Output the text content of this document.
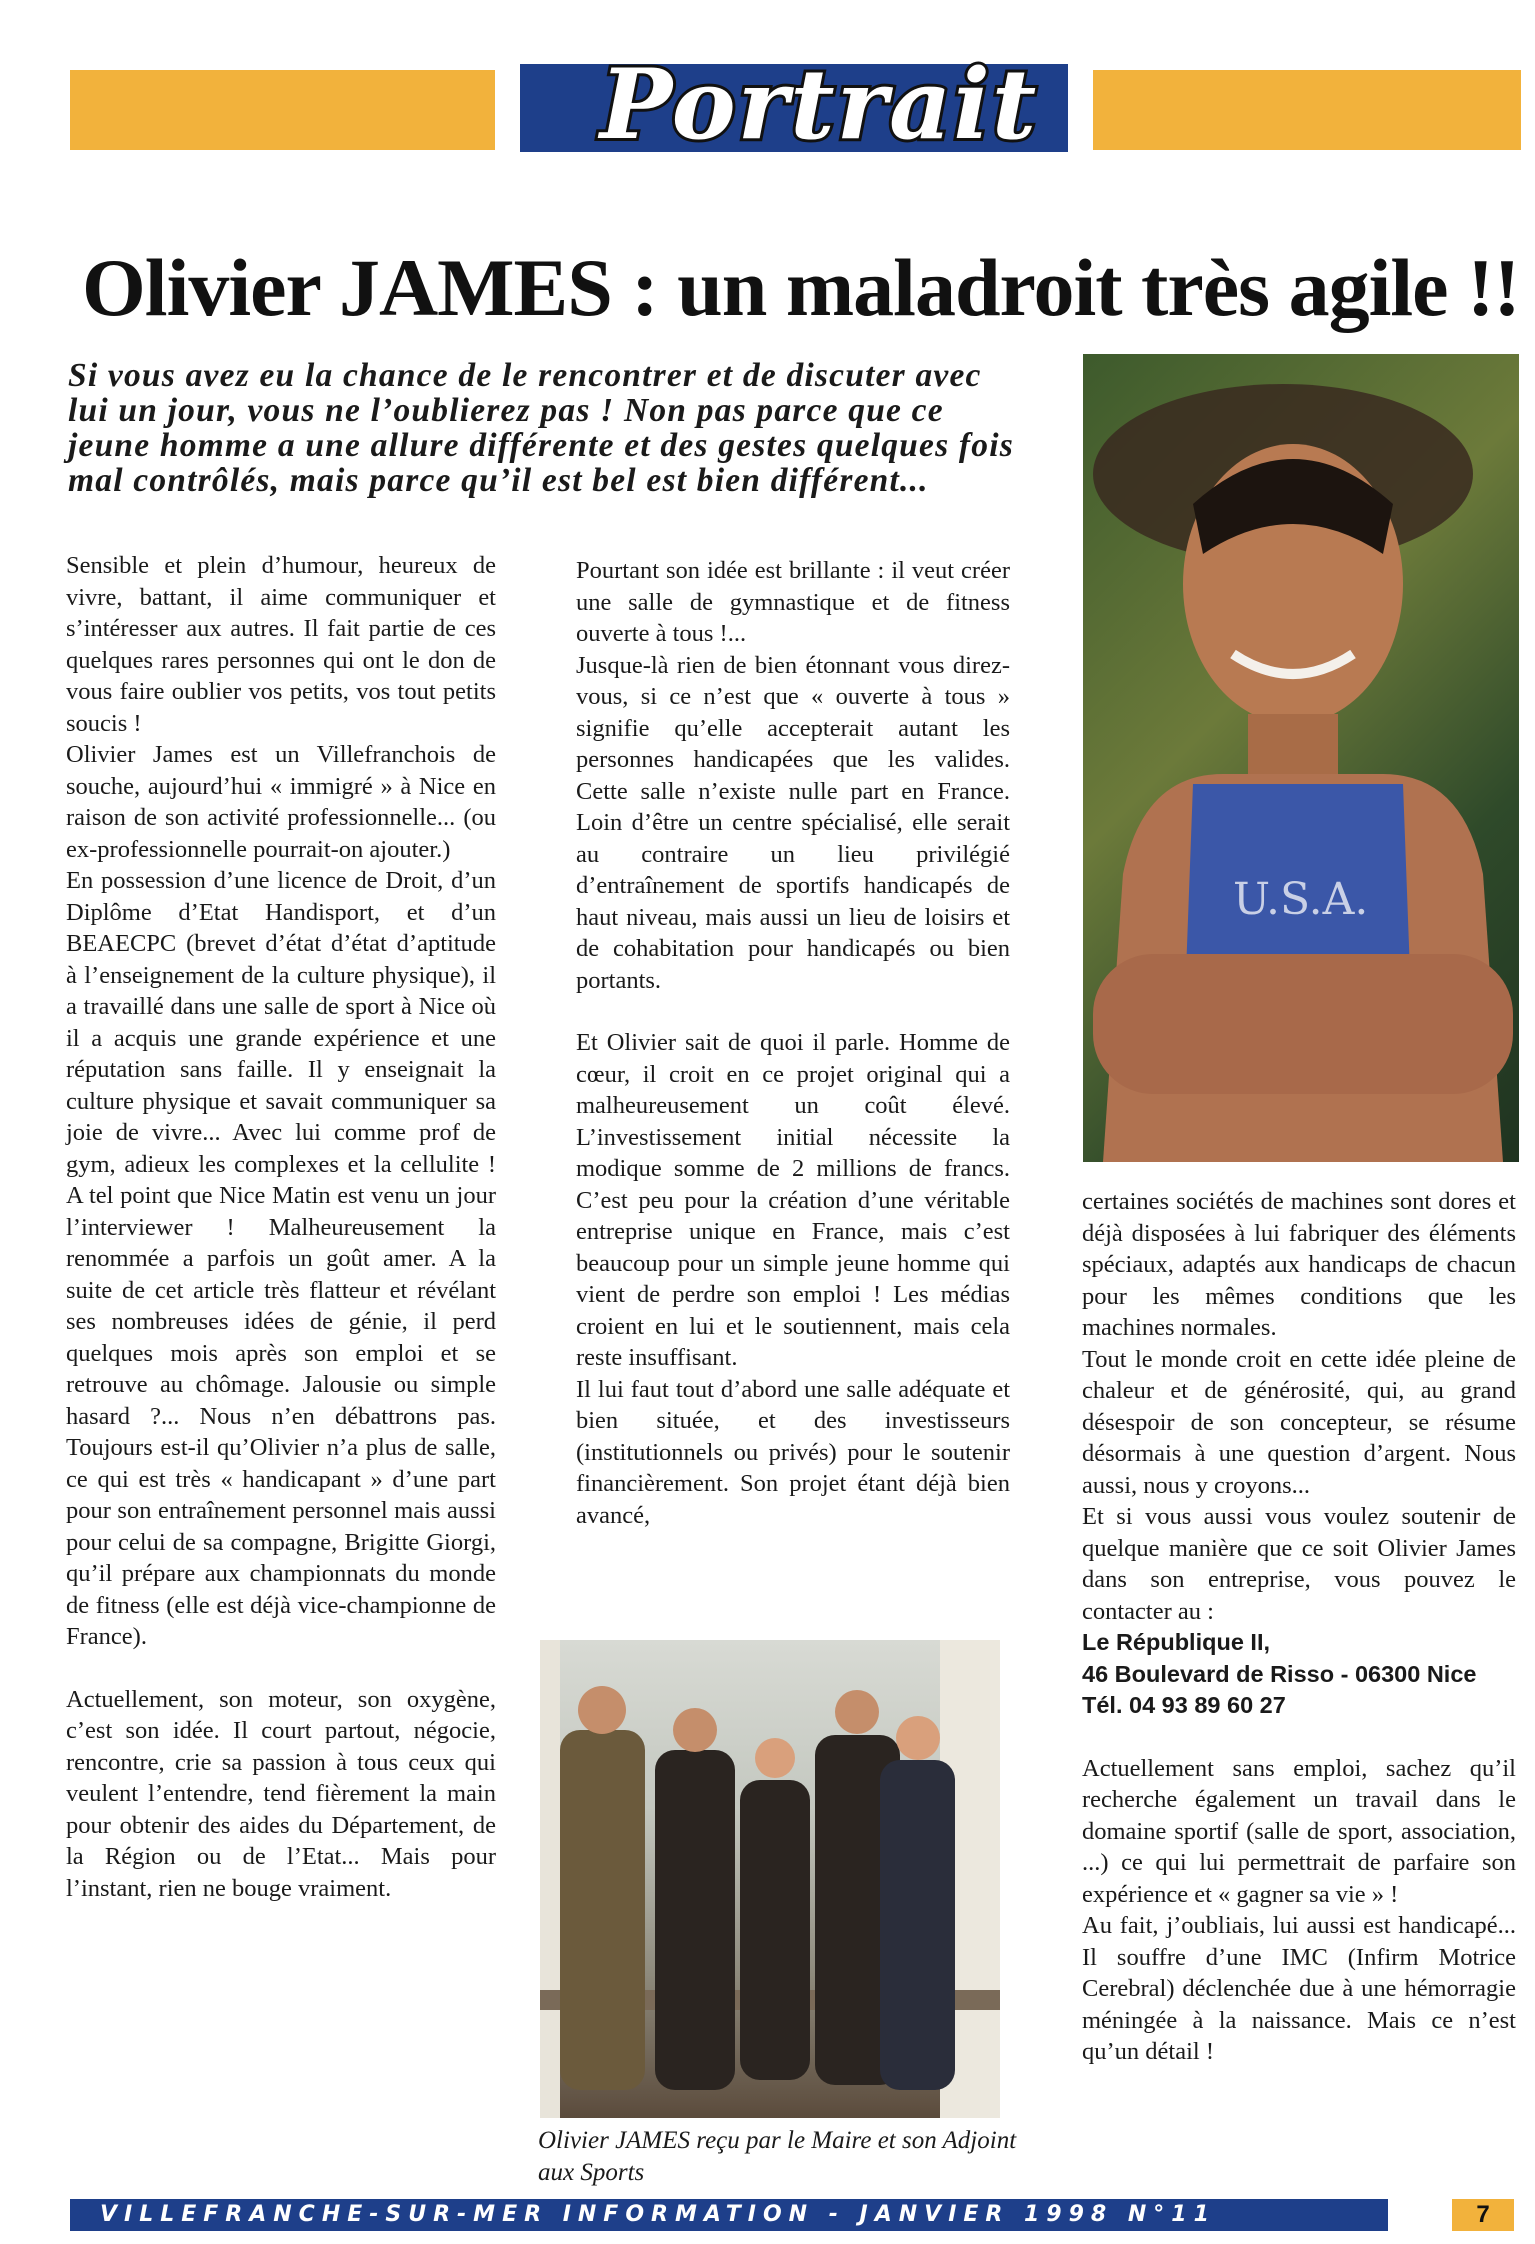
Portrait
Olivier JAMES : un maladroit très agile !!
Si vous avez eu la chance de le rencontrer et de discuter avec lui un jour, vous ne l’oublierez pas ! Non pas parce que ce jeune homme a une allure différente et des gestes quelques fois mal contrôlés, mais parce qu’il est bel est bien différent...

Sensible et plein d’humour, heureux de vivre, battant, il aime communiquer et s’intéresser aux autres. Il fait partie de ces quelques rares personnes qui ont le don de vous faire oublier vos petits, vos tout petits soucis !

Olivier James est un Villefranchois de souche, aujourd’hui « immigré » à Nice en raison de son activité professionnelle... (ou ex-professionnelle pourrait-on ajouter.)

En possession d’une licence de Droit, d’un Diplôme d’Etat Handisport, et d’un BEAECPC (brevet d’état d’état d’aptitude à l’enseignement de la culture physique), il a travaillé dans une salle de sport à Nice où il a acquis une grande expérience et une réputation sans faille. Il y enseignait la culture physique et savait communiquer sa joie de vivre... Avec lui comme prof de gym, adieux les complexes et la cellulite ! A tel point que Nice Matin est venu un jour l’interviewer ! Malheureusement la renommée a parfois un goût amer. A la suite de cet article très flatteur et révélant ses nombreuses idées de génie, il perd quelques mois après son emploi et se retrouve au chômage. Jalousie ou simple hasard ?... Nous n’en débattrons pas. Toujours est-il qu’Olivier n’a plus de salle, ce qui est très « handicapant » d’une part pour son entraînement personnel mais aussi pour celui de sa compagne, Brigitte Giorgi, qu’il prépare aux championnats du monde de fitness (elle est déjà vice-championne de France).

Actuellement, son moteur, son oxygène, c’est son idée. Il court partout, négocie, rencontre, crie sa passion à tous ceux qui veulent l’entendre, tend fièrement la main pour obtenir des aides du Département, de la Région ou de l’Etat... Mais pour l’instant, rien ne bouge vraiment.

Pourtant son idée est brillante : il veut créer une salle de gymnastique et de fitness ouverte à tous !...

Jusque-là rien de bien étonnant vous direz-vous, si ce n’est que « ouverte à tous » signifie qu’elle accepterait autant les personnes handicapées que les valides. Cette salle n’existe nulle part en France. Loin d’être un centre spécialisé, elle serait au contraire un lieu privilégié d’entraînement de sportifs handicapés de haut niveau, mais aussi un lieu de loisirs et de cohabitation pour handicapés ou bien portants.

Et Olivier sait de quoi il parle. Homme de cœur, il croit en ce projet original qui a malheureusement un coût élevé. L’investissement initial nécessite la modique somme de 2 millions de francs. C’est peu pour la création d’une véritable entreprise unique en France, mais c’est beaucoup pour un simple jeune homme qui vient de perdre son emploi ! Les médias croient en lui et le soutiennent, mais cela reste insuffisant.

Il lui faut tout d’abord une salle adéquate et bien située, et des investisseurs (institutionnels ou privés) pour le soutenir financièrement. Son projet étant déjà bien avancé,

U.S.A.

certaines sociétés de machines sont dores et déjà disposées à lui fabriquer des éléments spéciaux, adaptés aux handicaps de chacun pour les mêmes conditions que les machines normales.

Tout le monde croit en cette idée pleine de chaleur et de générosité, qui, au grand désespoir de son concepteur, se résume désormais à une question d’argent. Nous aussi, nous y croyons...

Et si vous aussi vous voulez soutenir de quelque manière que ce soit Olivier James dans son entreprise, vous pouvez le contacter au :

Le République II,

46 Boulevard de Risso - 06300 Nice

Tél. 04 93 89 60 27

Actuellement sans emploi, sachez qu’il recherche également un travail dans le domaine sportif (salle de sport, association, ...) ce qui lui permettrait de parfaire son expérience et « gagner sa vie » !

Au fait, j’oubliais, lui aussi est handicapé... Il souffre d’une IMC (Infirm Motrice Cerebral) déclenchée due à une hémorragie méningée à la naissance. Mais ce n’est qu’un détail !

Olivier JAMES reçu par le Maire et son Adjoint aux Sports
VILLEFRANCHE-SUR-MER INFORMATION - JANVIER 1998 N°11	7
